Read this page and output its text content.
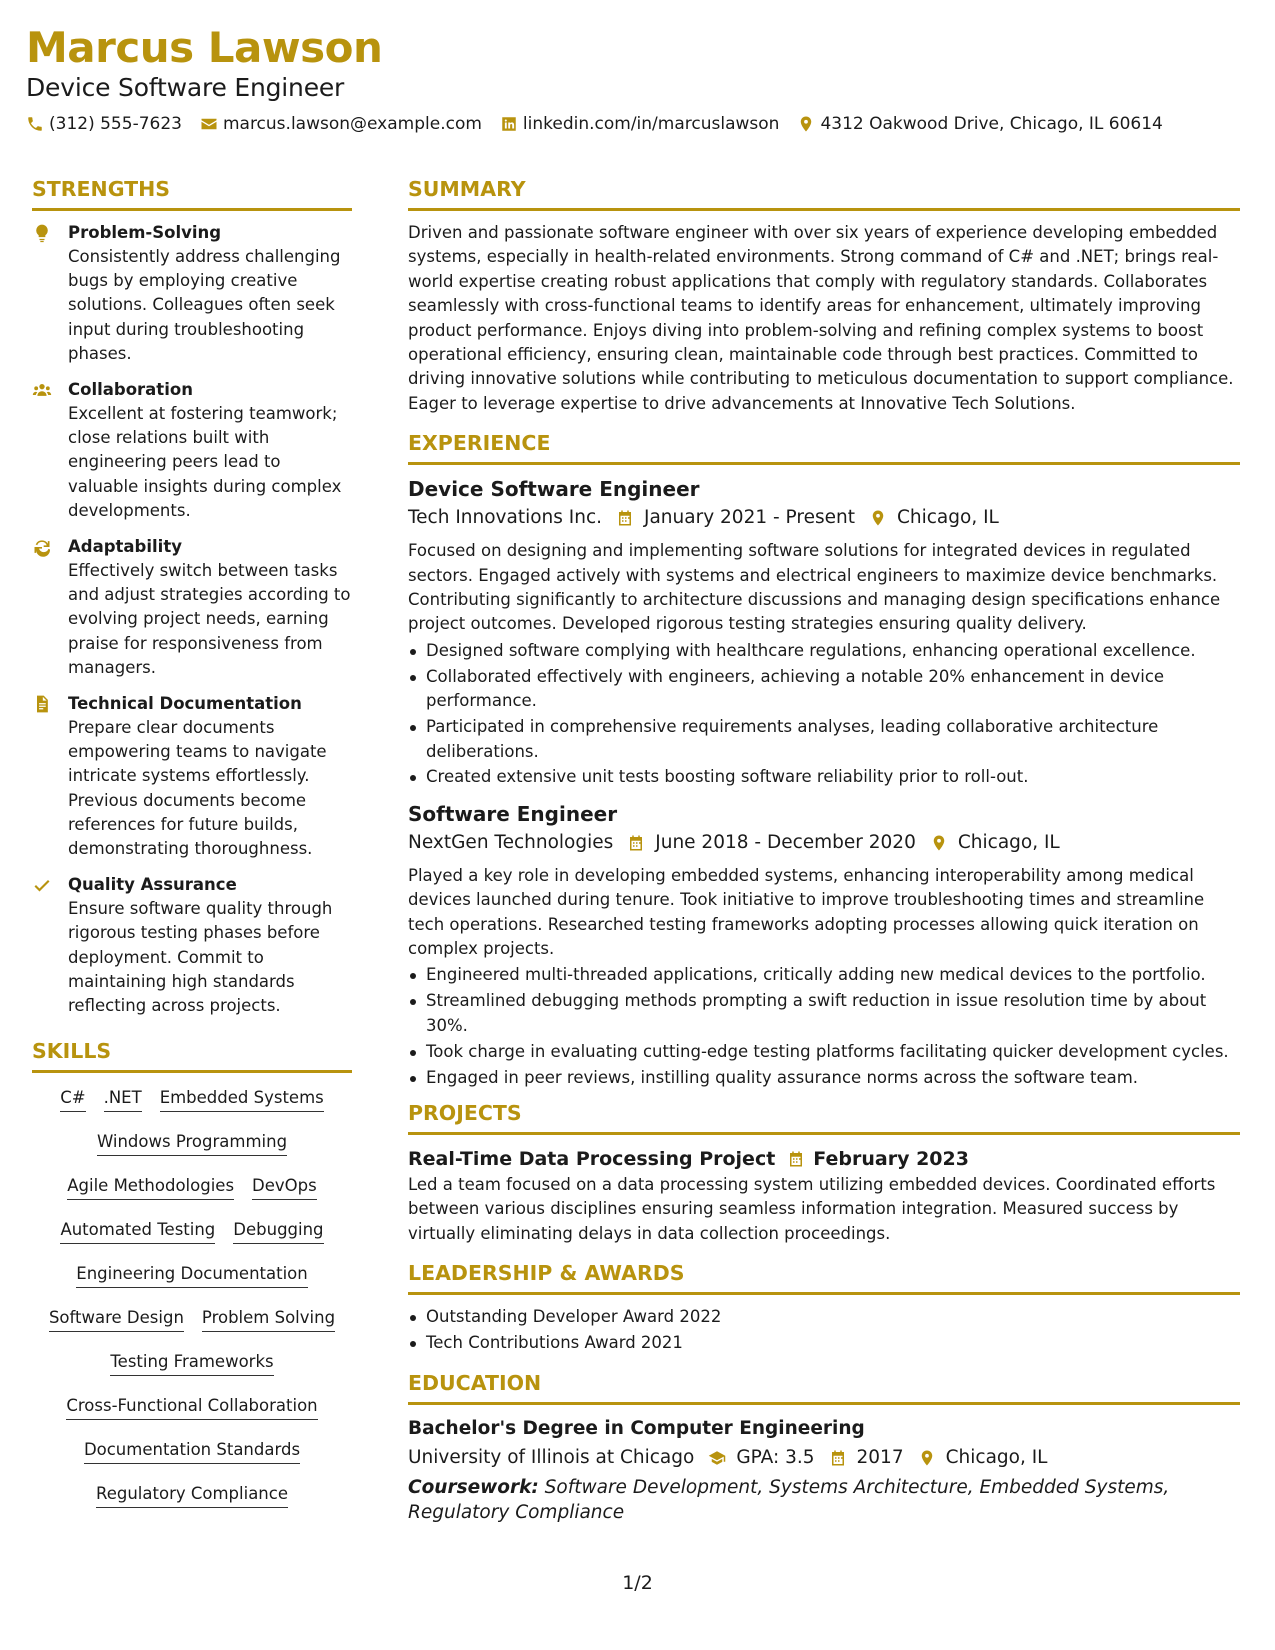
Marcus Lawson
Device Software Engineer
(312) 555-7623 marcus.lawson@example.com linkedin.com/in/marcuslawson 4312 Oakwood Drive, Chicago, IL 60614
STRENGTHS
Problem-Solving
Consistently address challenging bugs by employing creative solutions. Colleagues often seek input during troubleshooting phases.
Collaboration
Excellent at fostering teamwork; close relations built with engineering peers lead to valuable insights during complex developments.
Adaptability
Effectively switch between tasks and adjust strategies according to evolving project needs, earning praise for responsiveness from managers.
Technical Documentation
Prepare clear documents empowering teams to navigate intricate systems effortlessly. Previous documents become references for future builds, demonstrating thoroughness.
Quality Assurance
Ensure software quality through rigorous testing phases before deployment. Commit to maintaining high standards reflecting across projects.
SKILLS
C# .NET Embedded Systems
Windows Programming
Agile Methodologies DevOps
Automated Testing Debugging
Engineering Documentation
Software Design Problem Solving
Testing Frameworks
Cross-Functional Collaboration
Documentation Standards
Regulatory Compliance
SUMMARY
Driven and passionate software engineer with over six years of experience developing embedded systems, especially in health-related environments. Strong command of C# and .NET; brings real-world expertise creating robust applications that comply with regulatory standards. Collaborates seamlessly with cross-functional teams to identify areas for enhancement, ultimately improving product performance. Enjoys diving into problem-solving and refining complex systems to boost operational efficiency, ensuring clean, maintainable code through best practices. Committed to driving innovative solutions while contributing to meticulous documentation to support compliance. Eager to leverage expertise to drive advancements at Innovative Tech Solutions.
EXPERIENCE
Device Software Engineer
Tech Innovations Inc. January 2021 - Present Chicago, IL
Focused on designing and implementing software solutions for integrated devices in regulated sectors. Engaged actively with systems and electrical engineers to maximize device benchmarks. Contributing significantly to architecture discussions and managing design specifications enhance project outcomes. Developed rigorous testing strategies ensuring quality delivery.
Designed software complying with healthcare regulations, enhancing operational excellence.
Collaborated effectively with engineers, achieving a notable 20% enhancement in device performance.
Participated in comprehensive requirements analyses, leading collaborative architecture deliberations.
Created extensive unit tests boosting software reliability prior to roll-out.
Software Engineer
NextGen Technologies June 2018 - December 2020 Chicago, IL
Played a key role in developing embedded systems, enhancing interoperability among medical devices launched during tenure. Took initiative to improve troubleshooting times and streamline tech operations. Researched testing frameworks adopting processes allowing quick iteration on complex projects.
Engineered multi-threaded applications, critically adding new medical devices to the portfolio.
Streamlined debugging methods prompting a swift reduction in issue resolution time by about 30%.
Took charge in evaluating cutting-edge testing platforms facilitating quicker development cycles.
Engaged in peer reviews, instilling quality assurance norms across the software team.
PROJECTS
Real-Time Data Processing Project February 2023
Led a team focused on a data processing system utilizing embedded devices. Coordinated efforts between various disciplines ensuring seamless information integration. Measured success by virtually eliminating delays in data collection proceedings.
LEADERSHIP & AWARDS
Outstanding Developer Award 2022
Tech Contributions Award 2021
EDUCATION
Bachelor's Degree in Computer Engineering
University of Illinois at Chicago GPA: 3.5 2017 Chicago, IL
Coursework: Software Development, Systems Architecture, Embedded Systems, Regulatory Compliance
1/2
